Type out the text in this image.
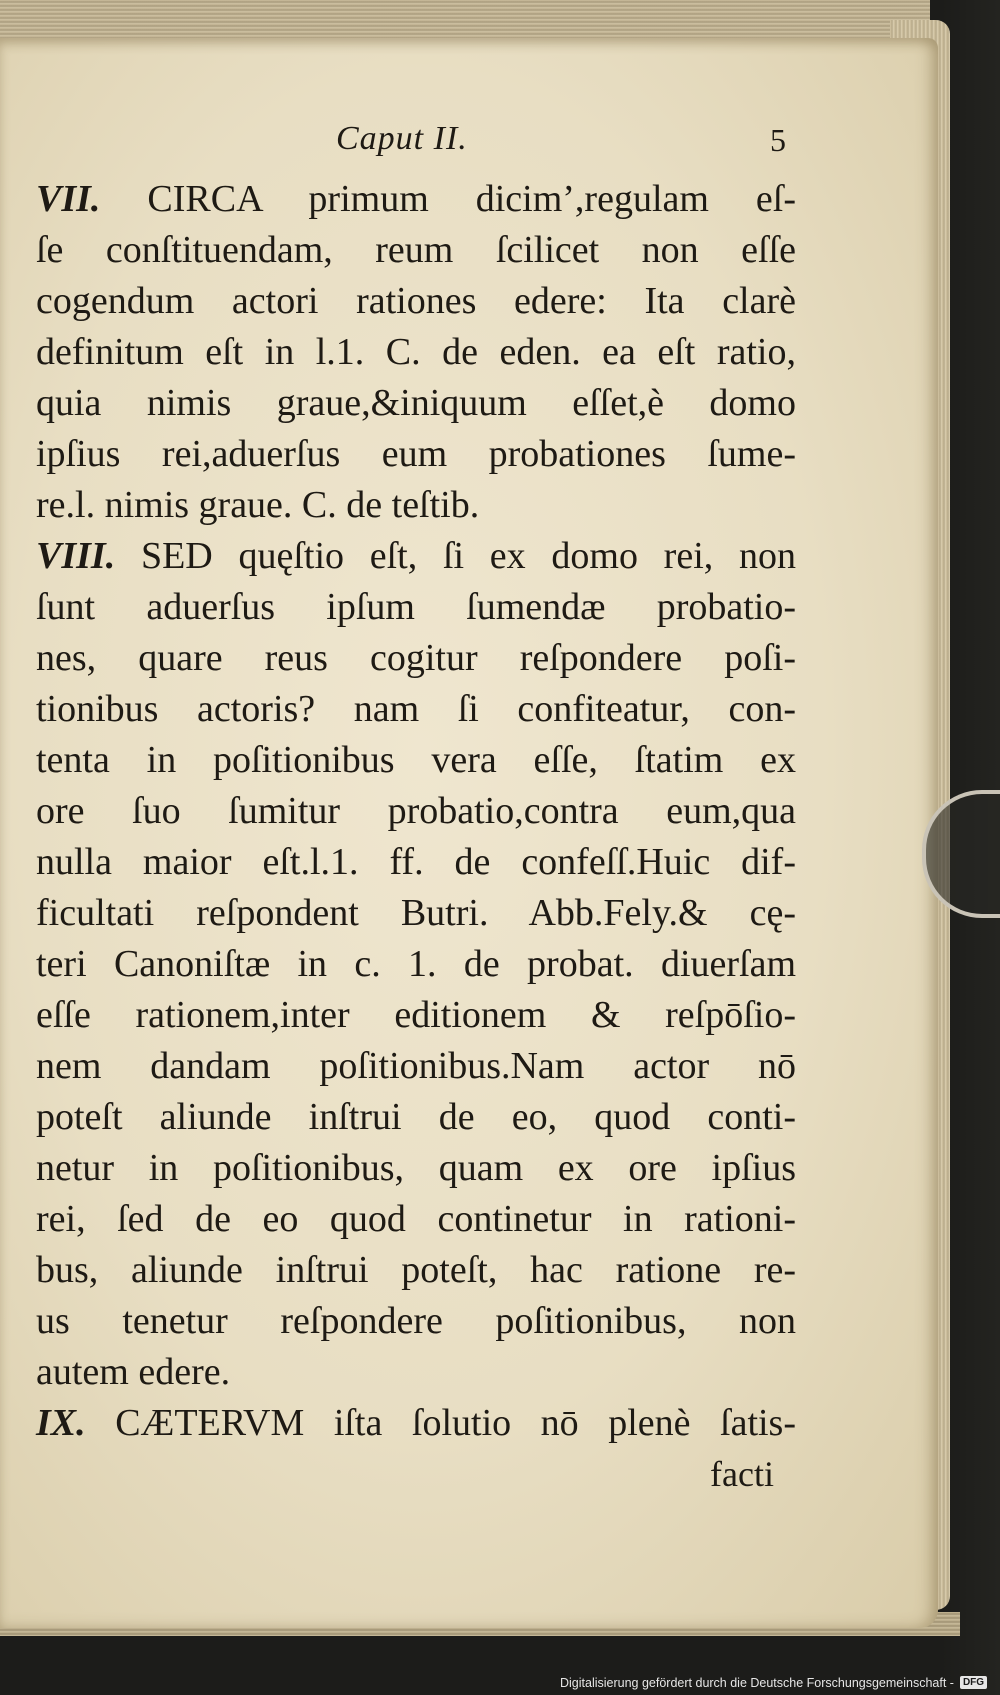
Caput II.	5
VII. CIRCA primum dicim’,regulam eſ-
ſe conſtituendam, reum ſcilicet non eſſe
cogendum actori rationes edere: Ita clarè
definitum eſt in l.1. C. de eden. ea eſt ratio,
quia nimis graue,&iniquum eſſet,è domo
ipſius rei,aduerſus eum probationes ſume-
re.l. nimis graue. C. de teſtib.
VIII. SED quęſtio eſt, ſi ex domo rei, non
ſunt aduerſus ipſum ſumendæ probatio-
nes, quare reus cogitur reſpondere poſi-
tionibus actoris? nam ſi confiteatur, con-
tenta in poſitionibus vera eſſe, ſtatim ex
ore ſuo ſumitur probatio,contra eum,qua
nulla maior eſt.l.1. ff. de confeſſ.Huic dif-
ficultati reſpondent Butri. Abb.Fely.& cę-
teri Canoniſtæ in c. 1. de probat. diuerſam
eſſe rationem,inter editionem & reſpōſio-
nem dandam poſitionibus.Nam actor nō
poteſt aliunde inſtrui de eo, quod conti-
netur in poſitionibus, quam ex ore ipſius
rei, ſed de eo quod continetur in rationi-
bus, aliunde inſtrui poteſt, hac ratione re-
us tenetur reſpondere poſitionibus, non
autem edere.
IX. CÆTERVM iſta ſolutio nō plenè ſatis-
facti
Digitalisierung gefördert durch die Deutsche Forschungsgemeinschaft - DFG
